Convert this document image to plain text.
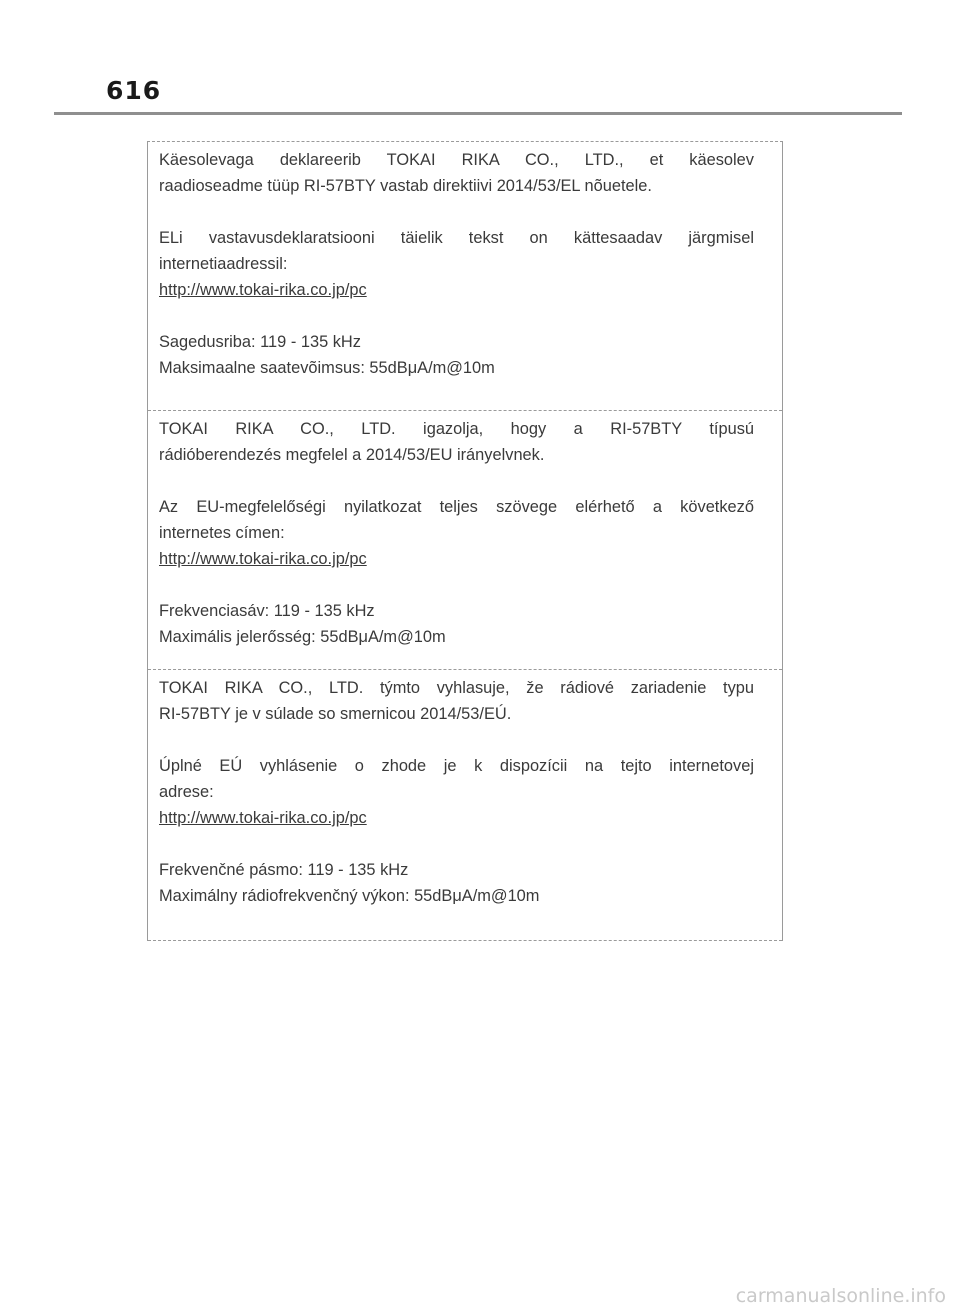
616

Käesolevaga deklareerib TOKAI RIKA CO., LTD., et käesolev

raadioseadme tüüp RI-57BTY vastab direktiivi 2014/53/EL nõuetele.

ELi vastavusdeklaratsiooni täielik tekst on kättesaadav järgmisel

internetiaadressil:

http://www.tokai-rika.co.jp/pc

Sagedusriba: 119 - 135 kHz

Maksimaalne saatevõimsus: 55dBμA/m@10m

TOKAI RIKA CO., LTD. igazolja, hogy a RI-57BTY típusú

rádióberendezés megfelel a 2014/53/EU irányelvnek.

Az EU-megfelelőségi nyilatkozat teljes szövege elérhető a következő

internetes címen:

http://www.tokai-rika.co.jp/pc

Frekvenciasáv: 119 - 135 kHz

Maximális jelerősség: 55dBμA/m@10m

TOKAI RIKA CO., LTD. týmto vyhlasuje, že rádiové zariadenie typu

RI-57BTY je v súlade so smernicou 2014/53/EÚ.

Úplné EÚ vyhlásenie o zhode je k dispozícii na tejto internetovej

adrese:

http://www.tokai-rika.co.jp/pc

Frekvenčné pásmo: 119 - 135 kHz

Maximálny rádiofrekvenčný výkon: 55dBμA/m@10m

carmanualsonline.info
